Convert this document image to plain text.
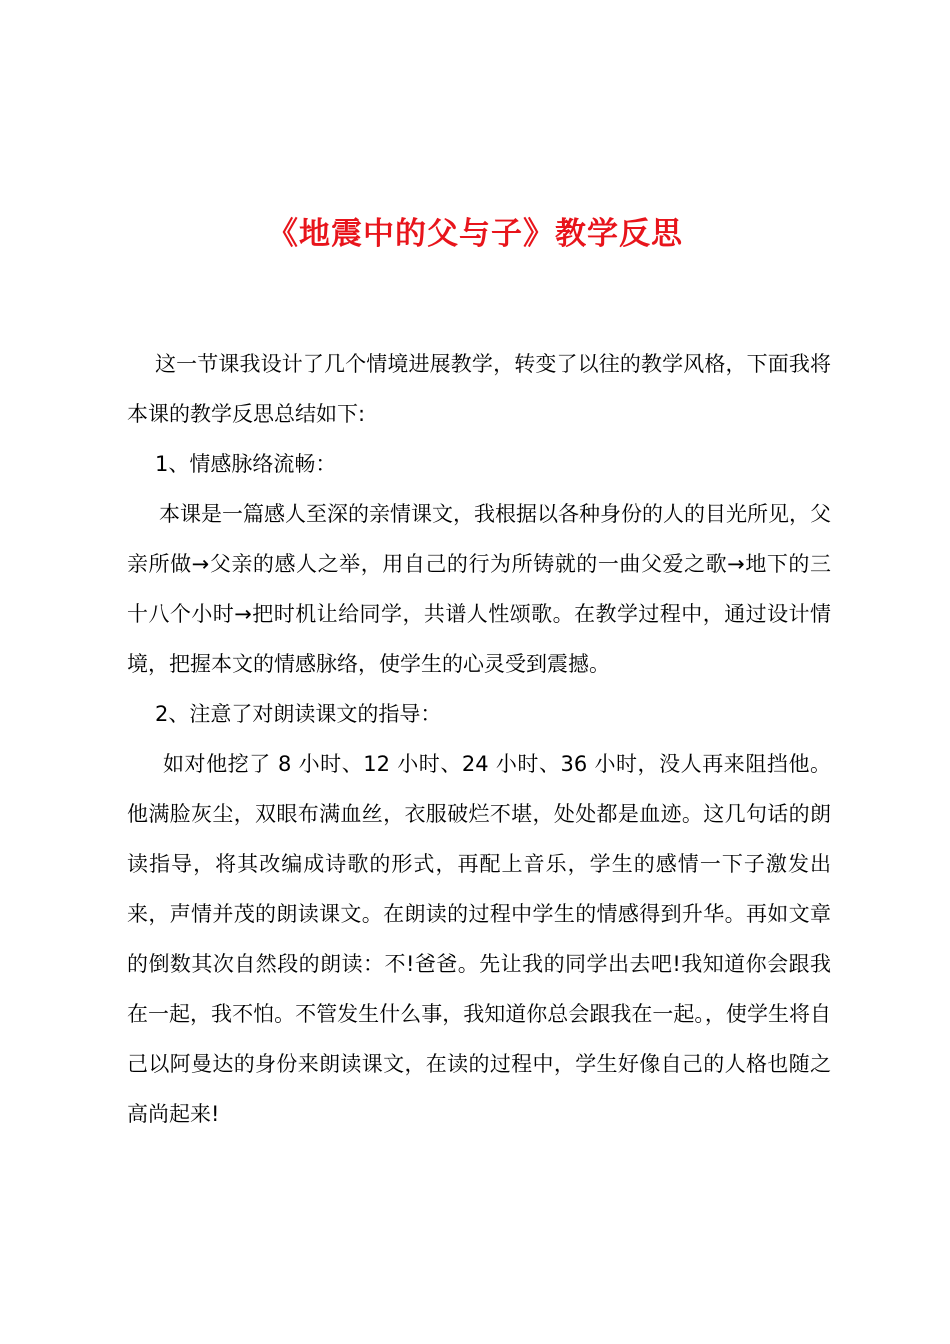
《地震中的父与子》教学反思

这一节课我设计了几个情境进展教学，转变了以往的教学风格，下面我将本课的教学反思总结如下:

1、情感脉络流畅：

本课是一篇感人至深的亲情课文，我根据以各种身份的人的目光所见，父亲所做→父亲的感人之举，用自己的行为所铸就的一曲父爱之歌→地下的三十八个小时→把时机让给同学，共谱人性颂歌。在教学过程中，通过设计情境，把握本文的情感脉络，使学生的心灵受到震撼。

2、注意了对朗读课文的指导：

如对他挖了 8 小时、12 小时、24 小时、36 小时，没人再来阻挡他。他满脸灰尘，双眼布满血丝，衣服破烂不堪，处处都是血迹。这几句话的朗读指导，将其改编成诗歌的形式，再配上音乐，学生的感情一下子激发出来，声情并茂的朗读课文。在朗读的过程中学生的情感得到升华。再如文章的倒数其次自然段的朗读：不!爸爸。先让我的同学出去吧!我知道你会跟我在一起，我不怕。不管发生什么事，我知道你总会跟我在一起。，使学生将自己以阿曼达的身份来朗读课文，在读的过程中，学生好像自己的人格也随之高尚起来!
